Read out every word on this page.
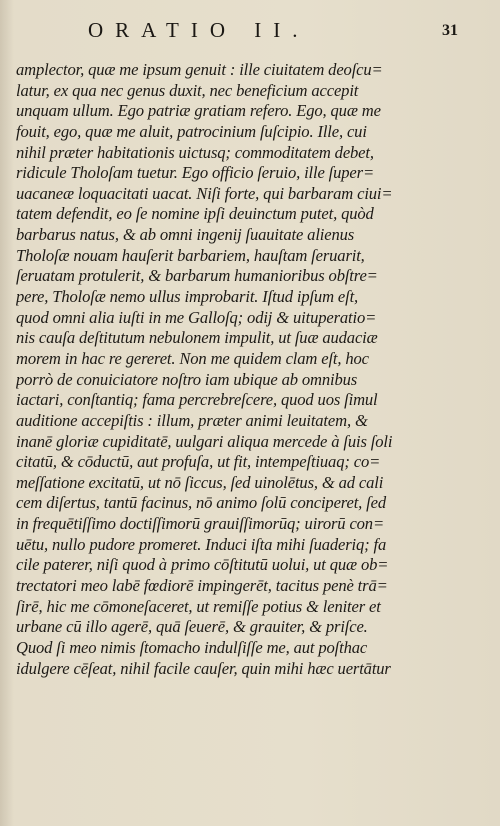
ORATIO II.	31
amplector, quæ me ipsum genuit : ille ciuitatem deoſcu=
latur, ex qua nec genus duxit, nec beneficium accepit
unquam ullum. Ego patriæ gratiam refero. Ego, quæ me
fouit, ego, quæ me aluit, patrocinium ſuſcipio. Ille, cui
nihil præter habitationis uictusq; commoditatem debet,
ridicule Tholoſam tuetur. Ego officio ſeruio, ille ſuper=
uacaneæ loquacitati uacat. Niſi forte, qui barbaram ciui=
tatem defendit, eo ſe nomine ipſi deuinctum putet, quòd
barbarus natus, & ab omni ingenij ſuauitate alienus
Tholoſæ nouam hauſerit barbariem, hauſtam ſeruarit,
ſeruatam protulerit, & barbarum humanioribus obſtre=
pere, Tholoſæ nemo ullus improbarit. Iſtud ipſum eſt,
quod omni alia iuſti in me Galloſq; odij & uituperatio=
nis cauſa deſtitutum nebulonem impulit, ut ſuæ audaciæ
morem in hac re gereret. Non me quidem clam eſt, hoc
porrò de conuiciatore noſtro iam ubique ab omnibus
iactari, conſtantiq; fama percrebreſcere, quod uos ſimul
auditione accepiſtis : illum, præter animi leuitatem, &
inanē gloriæ cupiditatē, uulgari aliqua mercede à ſuis ſoli
citatū, & cōductū, aut profuſa, ut fit, intempeſtiuaq; co=
meſſatione excitatū, ut nō ſiccus, ſed uinolētus, & ad cali
cem diſertus, tantū facinus, nō animo ſolū conciperet, ſed
in frequētiſſimo doctiſſimorū grauiſſimorūq; uirorū con=
uētu, nullo pudore promeret. Induci iſta mihi ſuaderiq; fa
cile paterer, niſi quod à primo cōſtitutū uolui, ut quæ ob=
trectatori meo labē fœdiorē impingerēt, tacitus penè trā=
ſirē, hic me cōmoneſaceret, ut remiſſe potius & leniter et
urbane cū illo agerē, quā ſeuerē, & grauiter, & priſce.
Quod ſi meo nimis ſtomacho indulſiſſe me, aut poſthac
idulgere cēſeat, nihil facile cauſer, quin mihi hæc uertātur
